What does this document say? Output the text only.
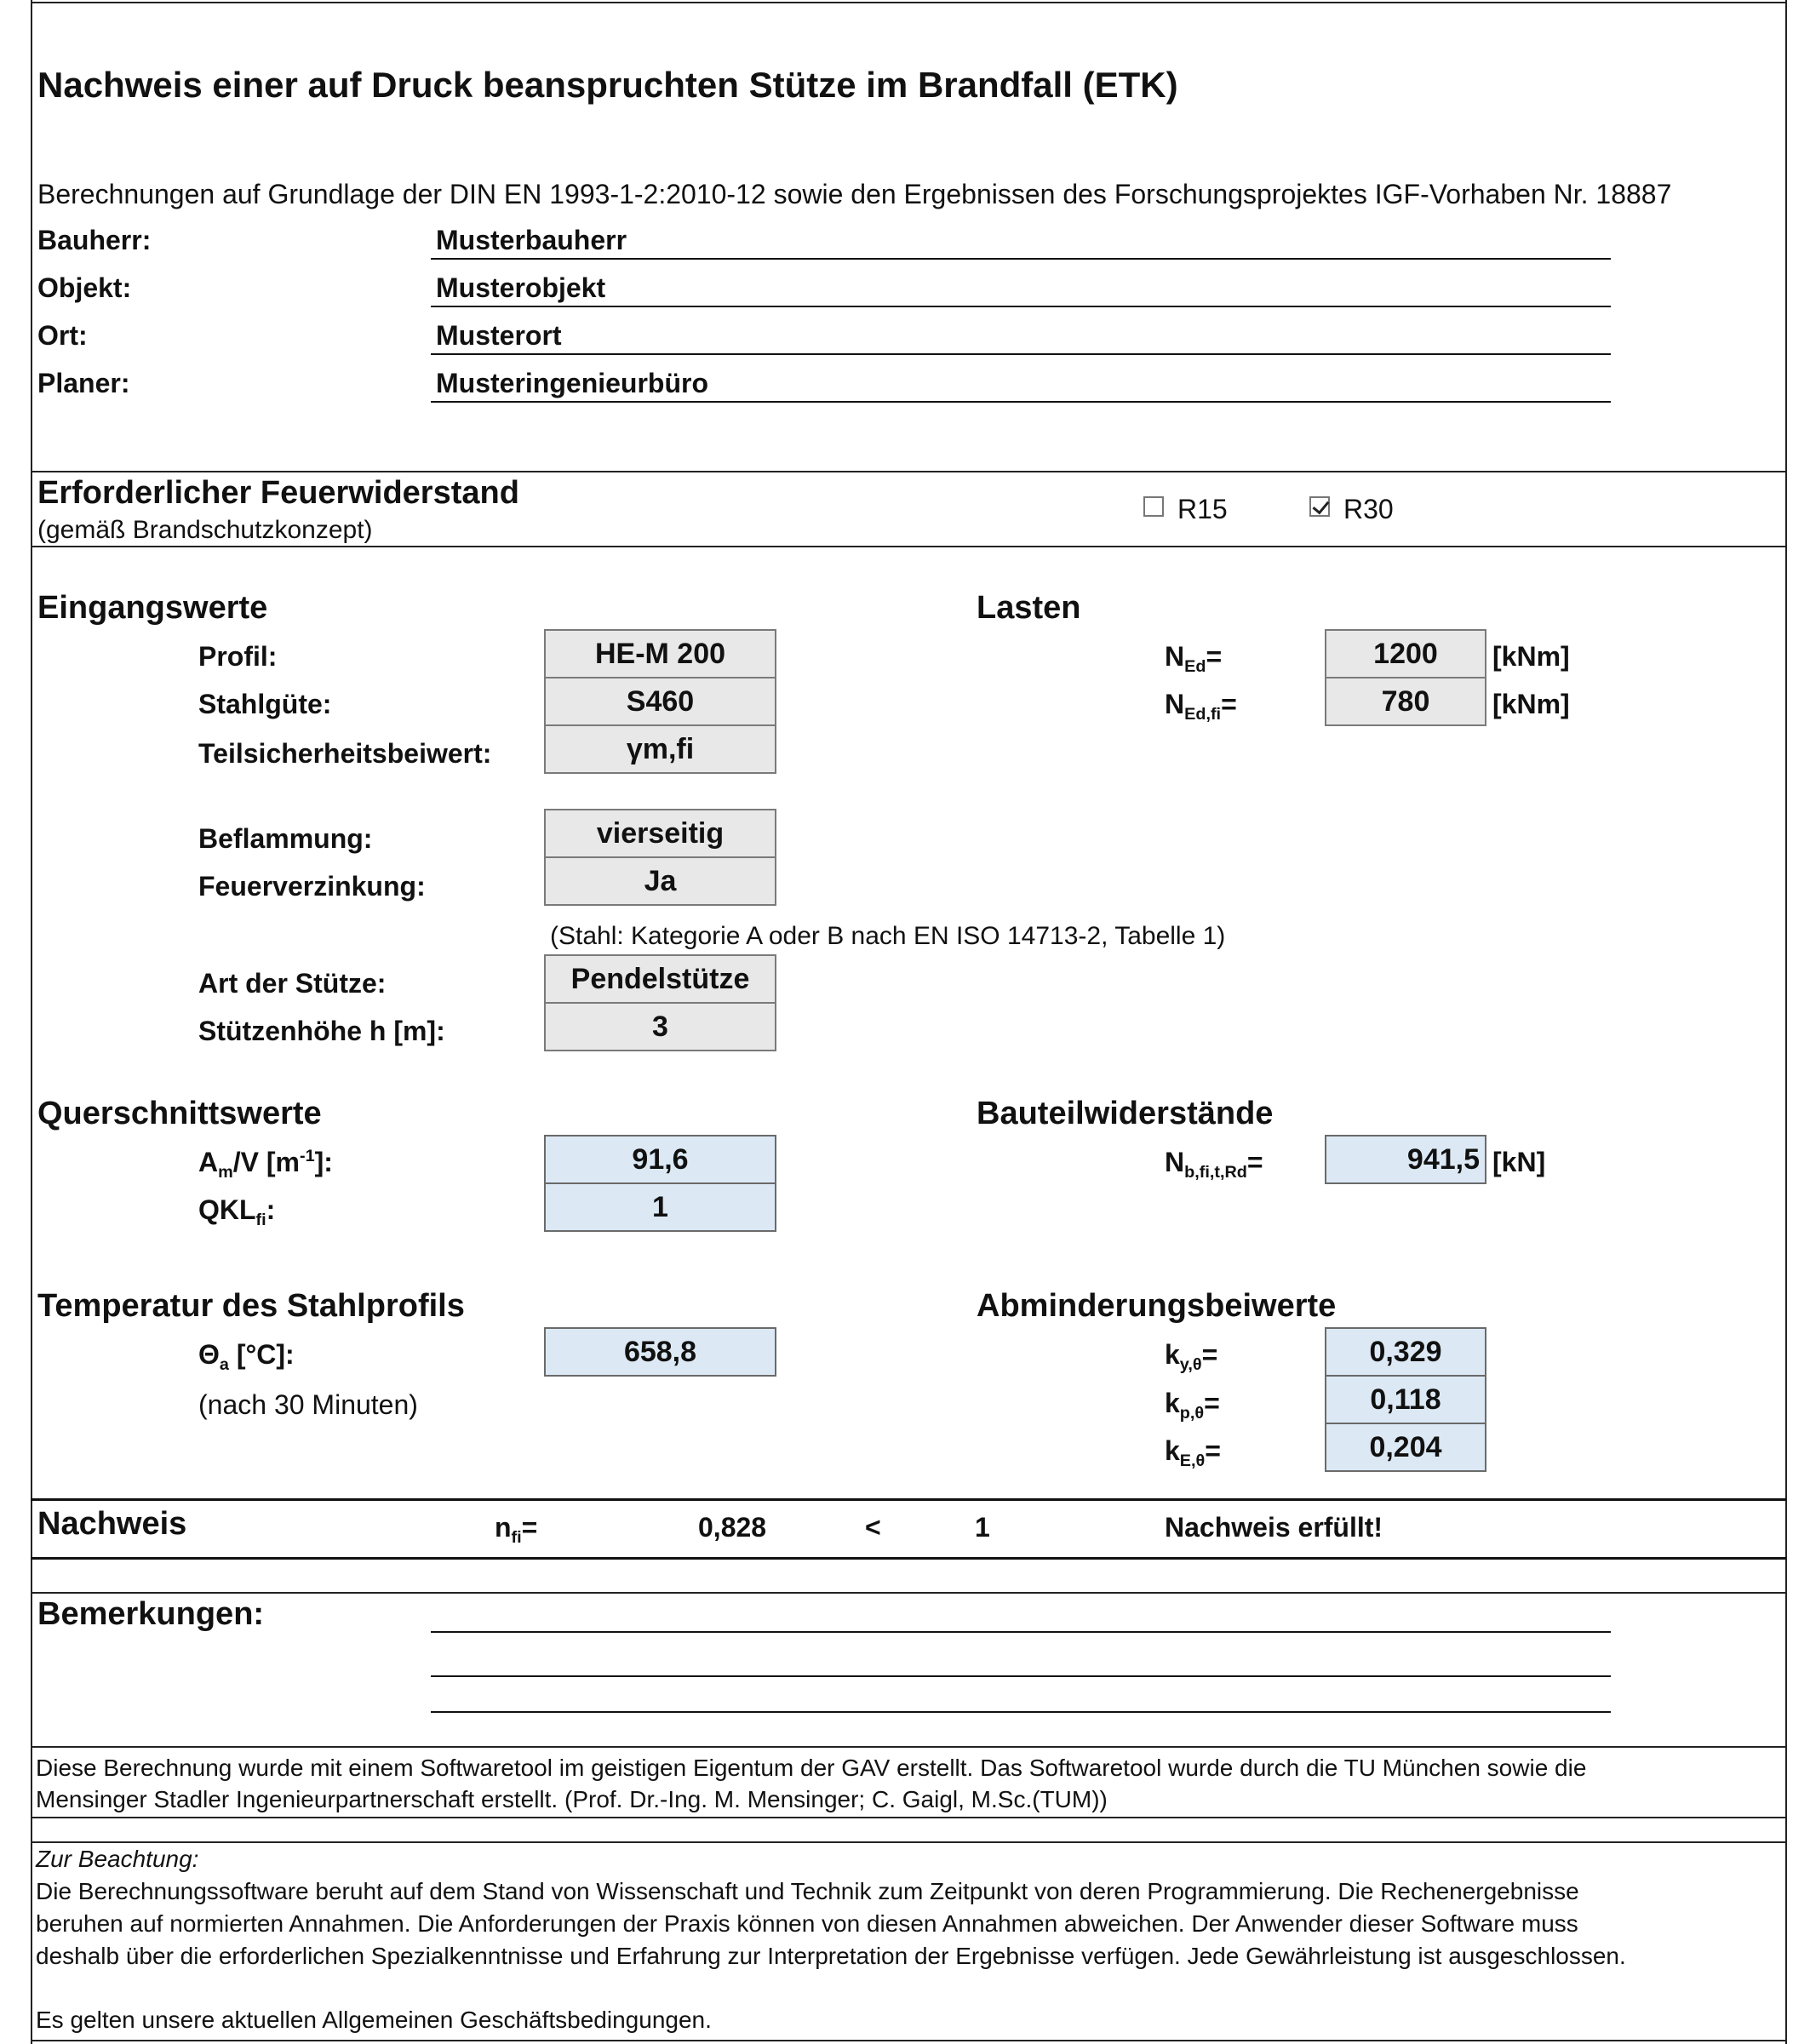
Nachweis einer auf Druck beanspruchten Stütze im Brandfall (ETK)
Berechnungen auf Grundlage der DIN EN 1993-1-2:2010-12 sowie den Ergebnissen des Forschungsprojektes IGF-Vorhaben Nr. 18887
Bauherr:	Musterbauherr
Objekt:	Musterobjekt
Ort:	Musterort
Planer:	Musteringenieurbüro
Erforderlicher Feuerwiderstand
(gemäß Brandschutzkonzept)
R15	R30
Eingangswerte
Profil:	HE-M 200
Stahlgüte:	S460
Teilsicherheitsbeiwert:	γm,fi
Beflammung:	vierseitig
Feuerverzinkung:	Ja
(Stahl: Kategorie A oder B nach EN ISO 14713-2, Tabelle 1)
Art der Stütze:	Pendelstütze
Stützenhöhe h [m]:	3
Lasten
$N_{Ed}=$	1200	[kNm]
$N_{Ed,fi}=$	780	[kNm]
Querschnittswerte
$A_m/V$ $[m^{-1}]$:	91,6
$QKL_{fi}$:	1
Bauteilwiderstände
$N_{b,fi,t,Rd}=$	941,5 [kN]
Temperatur des Stahlprofils
$\Theta_a$ [°C]:	658,8
(nach 30 Minuten)
Abminderungsbeiwerte
$k_{y,\theta}=$	0,329
$k_{p,\theta}=$	0,118
$k_{E,\theta}=$	0,204
Nachweis	$n_{fi}=$	0,828	<	1	Nachweis erfüllt!
Bemerkungen:
Diese Berechnung wurde mit einem Softwaretool im geistigen Eigentum der GAV erstellt. Das Softwaretool wurde durch die TU München sowie die
Mensinger Stadler Ingenieurpartnerschaft erstellt. (Prof. Dr.-Ing. M. Mensinger; C. Gaigl, M.Sc.(TUM))
Zur Beachtung:
Die Berechnungssoftware beruht auf dem Stand von Wissenschaft und Technik zum Zeitpunkt von deren Programmierung. Die Rechenergebnisse
beruhen auf normierten Annahmen. Die Anforderungen der Praxis können von diesen Annahmen abweichen. Der Anwender dieser Software muss
deshalb über die erforderlichen Spezialkenntnisse und Erfahrung zur Interpretation der Ergebnisse verfügen. Jede Gewährleistung ist ausgeschlossen.
Es gelten unsere aktuellen Allgemeinen Geschäftsbedingungen.
